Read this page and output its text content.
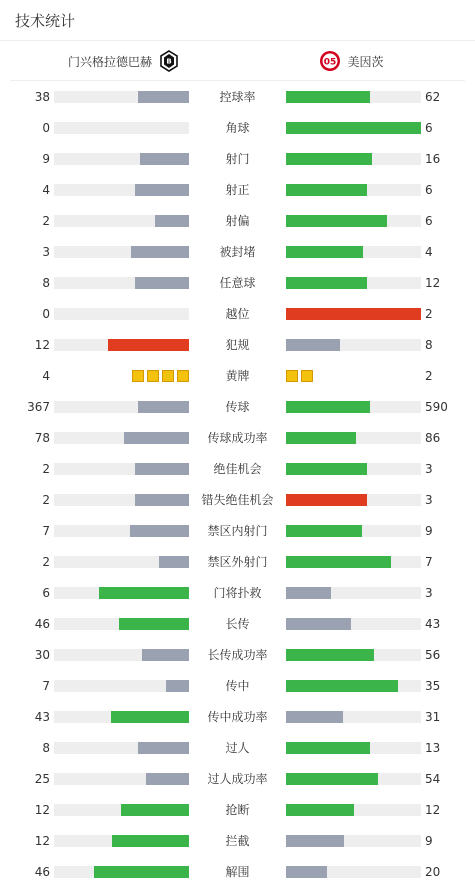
技术统计
门兴格拉德巴赫 B	05 美因茨
38	控球率	62
0	角球	6
9	射门	16
4	射正	6
2	射偏	6
3	被封堵	4
8	任意球	12
0	越位	2
12	犯规	8
4	黄牌	2
367	传球	590
78	传球成功率	86
2	绝佳机会	3
2	错失绝佳机会	3
7	禁区内射门	9
2	禁区外射门	7
6	门将扑救	3
46	长传	43
30	长传成功率	56
7	传中	35
43	传中成功率	31
8	过人	13
25	过人成功率	54
12	抢断	12
12	拦截	9
46	解围	20
